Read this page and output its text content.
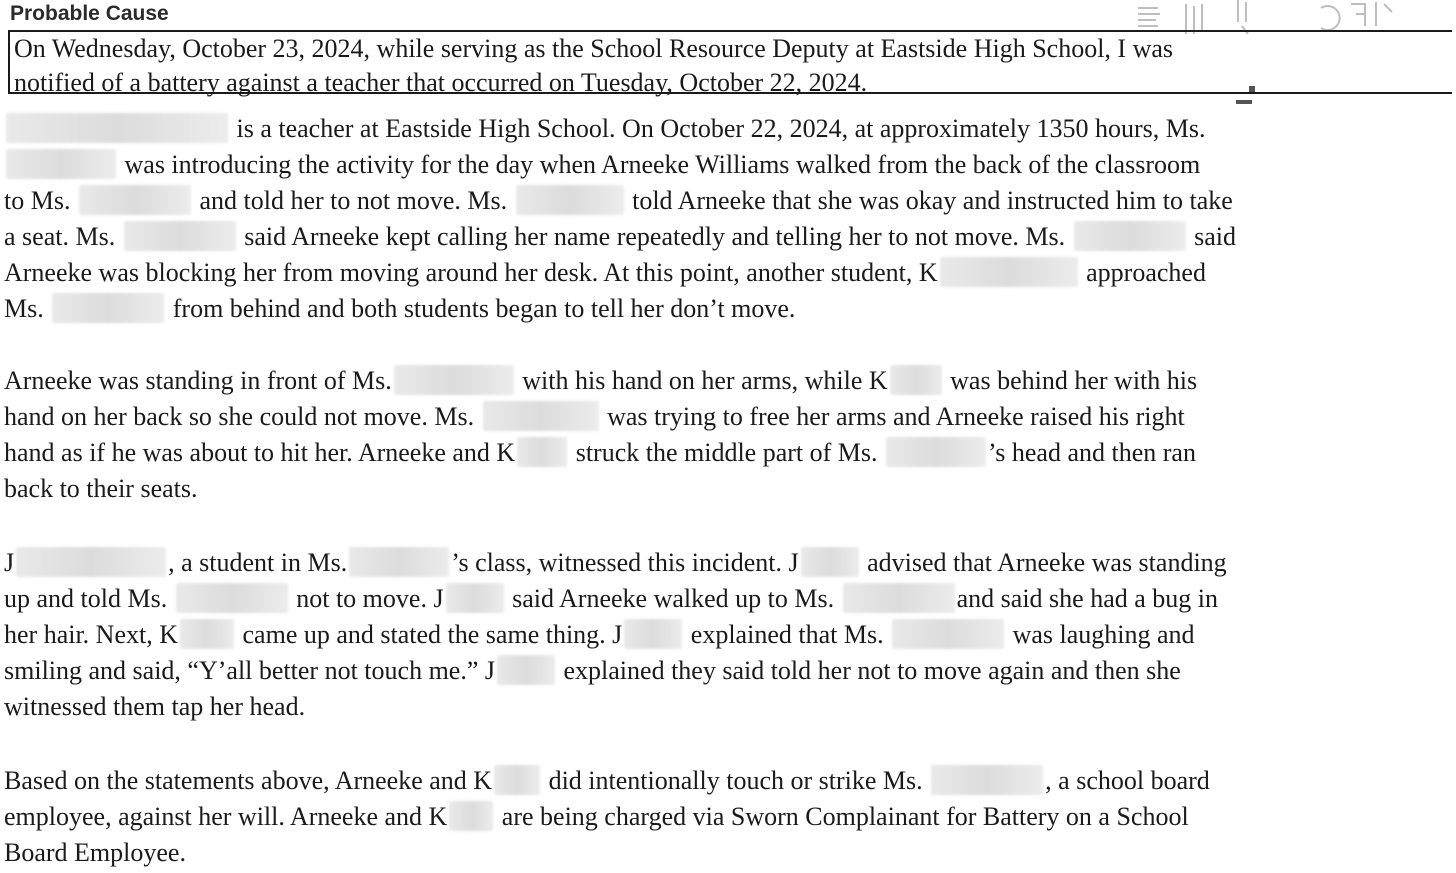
Probable Cause
On Wednesday, October 23, 2024, while serving as the School Resource Deputy at Eastside High School, I was
notified of a battery against a teacher that occurred on Tuesday, October 22, 2024.
is a teacher at Eastside High School. On October 22, 2024, at approximately 1350 hours, Ms.
was introducing the activity for the day when Arneeke Williams walked from the back of the classroom
to Ms.	and told her to not move. Ms.	told Arneeke that she was okay and instructed him to take
a seat. Ms.	said Arneeke kept calling her name repeatedly and telling her to not move. Ms.	said
Arneeke was blocking her from moving around her desk. At this point, another student, K	approached
Ms.	from behind and both students began to tell her don’t move.
Arneeke was standing in front of Ms.	with his hand on her arms, while K was behind her with his
hand on her back so she could not move. Ms.	was trying to free her arms and Arneeke raised his right
hand as if he was about to hit her. Arneeke and K struck the middle part of Ms.	’s head and then ran
back to their seats.
J	, a student in Ms.	’s class, witnessed this incident. J	advised that Arneeke was standing
up and told Ms.	not to move. J	said Arneeke walked up to Ms.	and said she had a bug in
her hair. Next, K came up and stated the same thing. J	explained that Ms.	was laughing and
smiling and said, “Y’all better not touch me.” J	explained they said told her not to move again and then she
witnessed them tap her head.
Based on the statements above, Arneeke and K did intentionally touch or strike Ms.	, a school board
employee, against her will. Arneeke and K are being charged via Sworn Complainant for Battery on a School
Board Employee.
